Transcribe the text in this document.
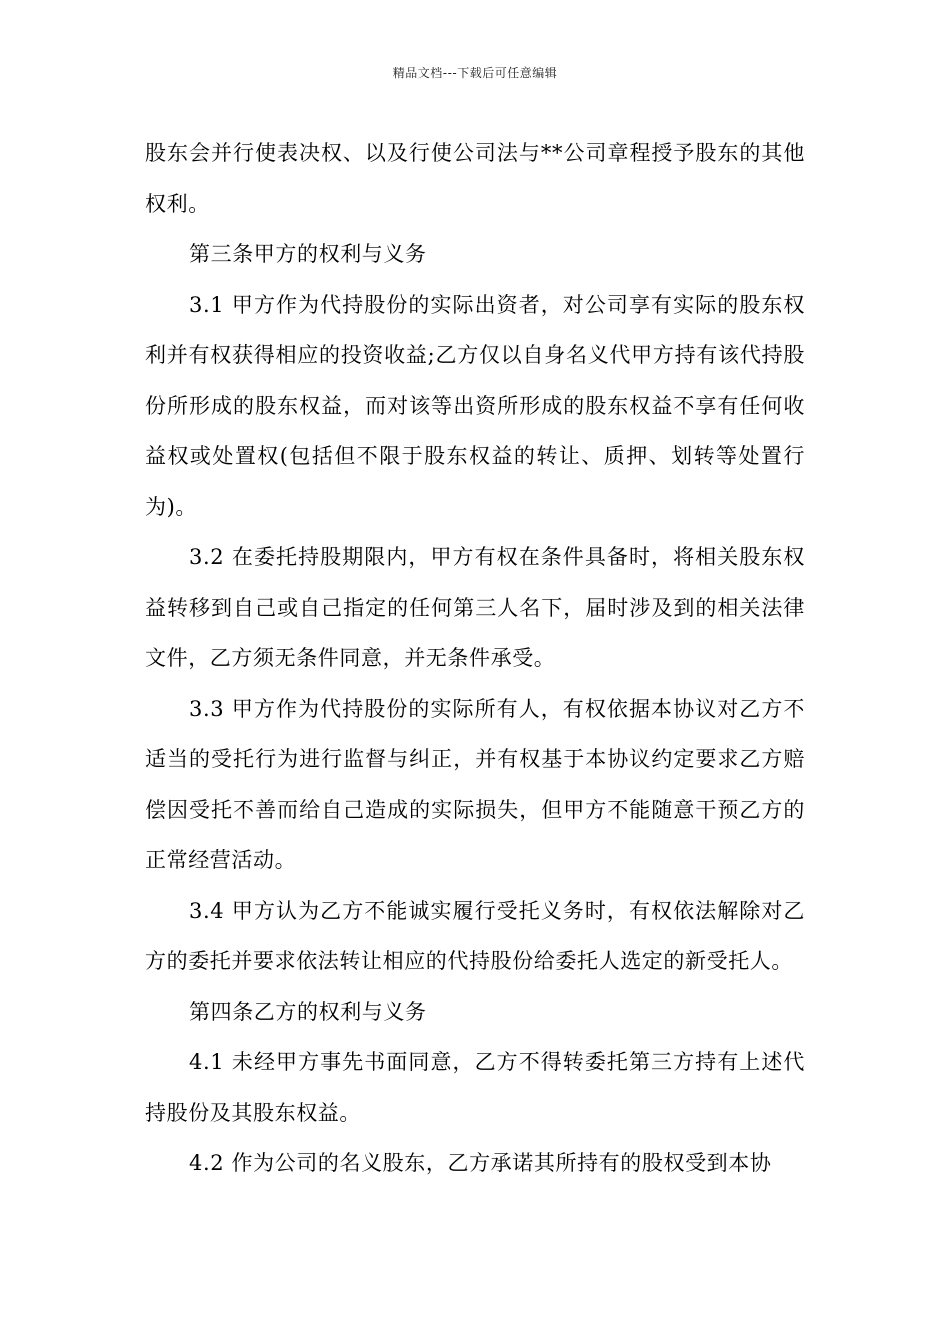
精品文档---下载后可任意编辑

股东会并行使表决权、以及行使公司法与**公司章程授予股东的其他权利。

第三条甲方的权利与义务

3.1 甲方作为代持股份的实际出资者，对公司享有实际的股东权利并有权获得相应的投资收益;乙方仅以自身名义代甲方持有该代持股份所形成的股东权益，而对该等出资所形成的股东权益不享有任何收益权或处置权(包括但不限于股东权益的转让、质押、划转等处置行为)。

3.2 在委托持股期限内，甲方有权在条件具备时，将相关股东权益转移到自己或自己指定的任何第三人名下，届时涉及到的相关法律文件，乙方须无条件同意，并无条件承受。

3.3 甲方作为代持股份的实际所有人，有权依据本协议对乙方不适当的受托行为进行监督与纠正，并有权基于本协议约定要求乙方赔偿因受托不善而给自己造成的实际损失，但甲方不能随意干预乙方的正常经营活动。

3.4 甲方认为乙方不能诚实履行受托义务时，有权依法解除对乙方的委托并要求依法转让相应的代持股份给委托人选定的新受托人。

第四条乙方的权利与义务

4.1 未经甲方事先书面同意，乙方不得转委托第三方持有上述代持股份及其股东权益。

4.2 作为公司的名义股东，乙方承诺其所持有的股权受到本协
